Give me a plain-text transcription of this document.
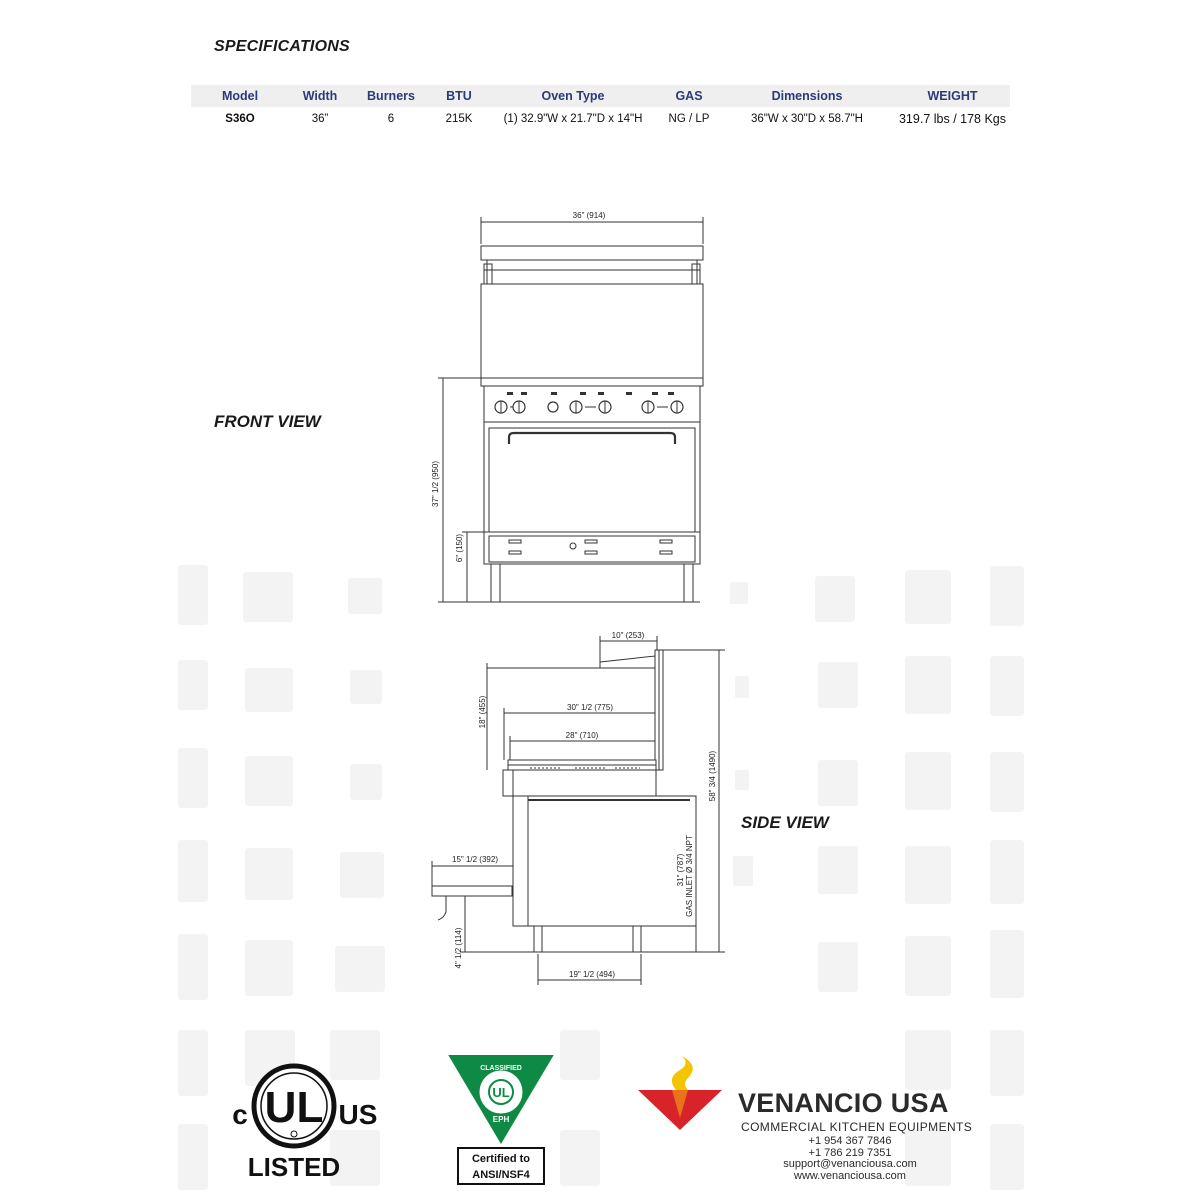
SPECIFICATIONS
Model	Width	Burners	BTU	Oven Type	GAS	Dimensions	WEIGHT
S36O	36”	6	215K	(1) 32.9"W x 21.7"D x 14"H	NG / LP	36"W x 30"D x 58.7"H	319.7 lbs / 178 Kgs
FRONT VIEW
SIDE VIEW
36" (914)
37" 1/2 (950)
6" (150)
10" (253)
18" (455)	30" 1/2 (775)
28" (710)
58" 3/4 (1490)
31" (787) GAS INLET Ø 3/4 NPT
15" 1/2 (392)
4" 1/2 (114)
19" 1/2 (494)
UL
c	US
LISTED
CLASSIFIED
UL
EPH
Certified to
ANSI/NSF4
VENANCIO USA
COMMERCIAL KITCHEN EQUIPMENTS
+1 954 367 7846
+1 786 219 7351
support@venanciousa.com
www.venanciousa.com
